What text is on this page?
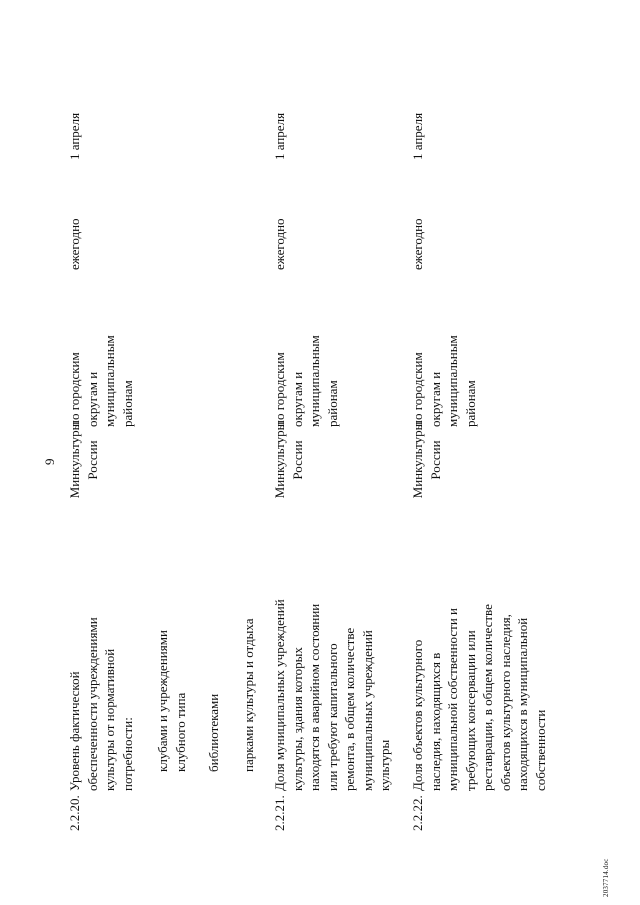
9
2037714.doc
2.2.20.
Уровень фактической обеспеченности учреждениями культуры от нормативной потребности: клубами и учреждениями клубного типа библиотеками парками культуры и отдыха
Минкультуры России
по городским округам и муниципальным районам
ежегодно
1 апреля
2.2.21.
Доля муниципальных учреждений культуры, здания которых находятся в аварийном состоянии или требуют капитального ремонта, в общем количестве муниципальных учреждений культуры
Минкультуры России
по городским округам и муниципальным районам
ежегодно
1 апреля
2.2.22.
Доля объектов культурного наследия, находящихся в муниципальной собственности и требующих консервации или реставрации, в общем количестве объектов культурного наследия, находящихся в муниципальной собственности
Минкультуры России
по городским округам и муниципальным районам
ежегодно
1 апреля
